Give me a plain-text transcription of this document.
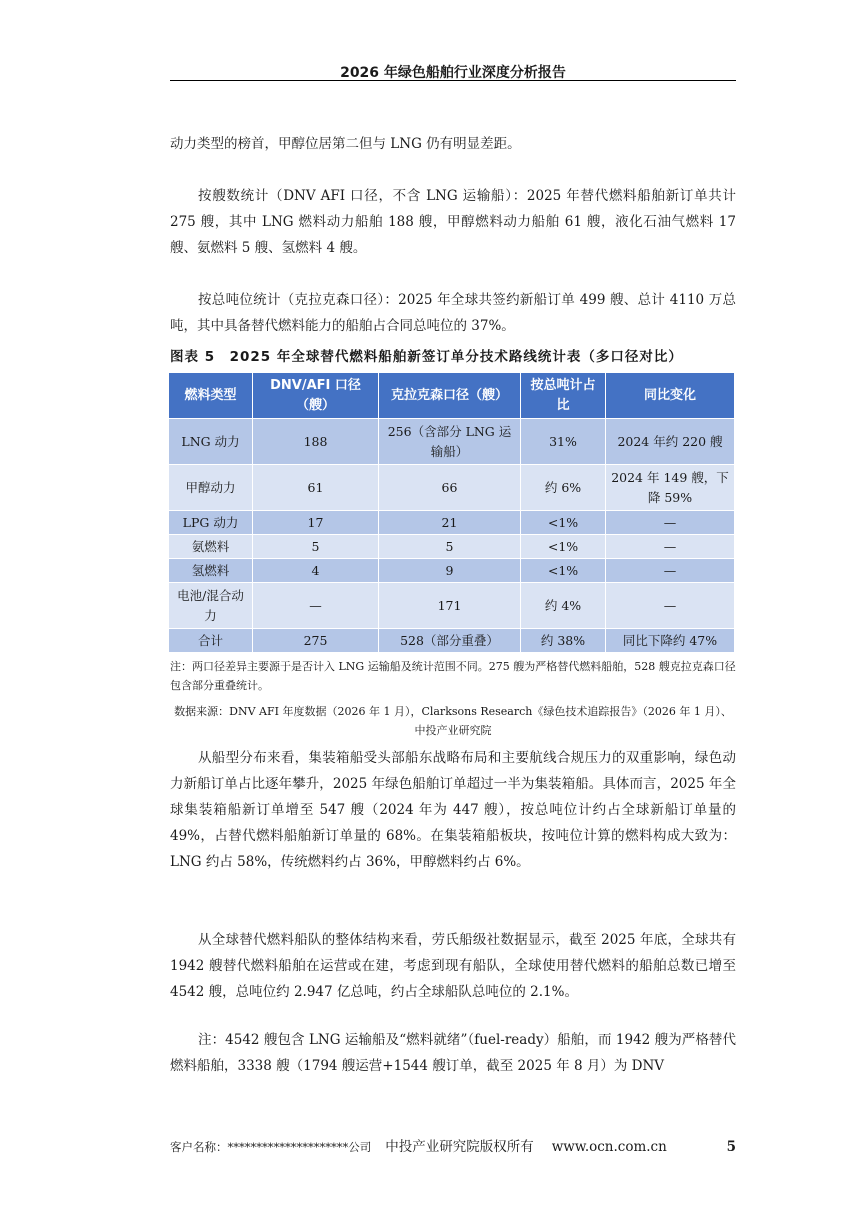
2026 年绿色船舶行业深度分析报告

动力类型的榜首，甲醇位居第二但与 LNG 仍有明显差距。

按艘数统计（DNV AFI 口径，不含 LNG 运输船）：2025 年替代燃料船舶新订单共计 275 艘，其中 LNG 燃料动力船舶 188 艘，甲醇燃料动力船舶 61 艘，液化石油气燃料 17 艘、氨燃料 5 艘、氢燃料 4 艘。

按总吨位统计（克拉克森口径）：2025 年全球共签约新船订单 499 艘、总计 4110 万总吨，其中具备替代燃料能力的船舶占合同总吨位的 37%。

图表 5　2025 年全球替代燃料船舶新签订单分技术路线统计表（多口径对比）
燃料类型	DNV/AFI 口径（艘）	克拉克森口径（艘）	按总吨计占比	同比变化
LNG 动力	188	256（含部分 LNG 运输船）	31%	2024 年约 220 艘
甲醇动力	61	66	约 6%	2024 年 149 艘，下降 59%
LPG 动力	17	21	<1%	—
氨燃料	5	5	<1%	—
氢燃料	4	9	<1%	—
电池/混合动力	—	171	约 4%	—
合计	275	528（部分重叠）	约 38%	同比下降约 47%

注：两口径差异主要源于是否计入 LNG 运输船及统计范围不同。275 艘为严格替代燃料船舶，528 艘克拉克森口径包含部分重叠统计。

数据来源：DNV AFI 年度数据（2026 年 1 月），Clarksons Research《绿色技术追踪报告》（2026 年 1 月）、中投产业研究院

从船型分布来看，集装箱船受头部船东战略布局和主要航线合规压力的双重影响，绿色动力新船订单占比逐年攀升，2025 年绿色船舶订单超过一半为集装箱船。具体而言，2025 年全球集装箱船新订单增至 547 艘（2024 年为 447 艘），按总吨位计约占全球新船订单量的 49%，占替代燃料船舶新订单量的 68%。在集装箱船板块，按吨位计算的燃料构成大致为：LNG 约占 58%，传统燃料约占 36%，甲醇燃料约占 6%。

从全球替代燃料船队的整体结构来看，劳氏船级社数据显示，截至 2025 年底，全球共有 1942 艘替代燃料船舶在运营或在建，考虑到现有船队，全球使用替代燃料的船舶总数已增至 4542 艘，总吨位约 2.947 亿总吨，约占全球船队总吨位的 2.1%。

注：4542 艘包含 LNG 运输船及“燃料就绪”（fuel-ready）船舶，而 1942 艘为严格替代燃料船舶，3338 艘（1794 艘运营+1544 艘订单，截至 2025 年 8 月）为 DNV

客户名称：*********************公司 中投产业研究院版权所有 www.ocn.com.cn	5
